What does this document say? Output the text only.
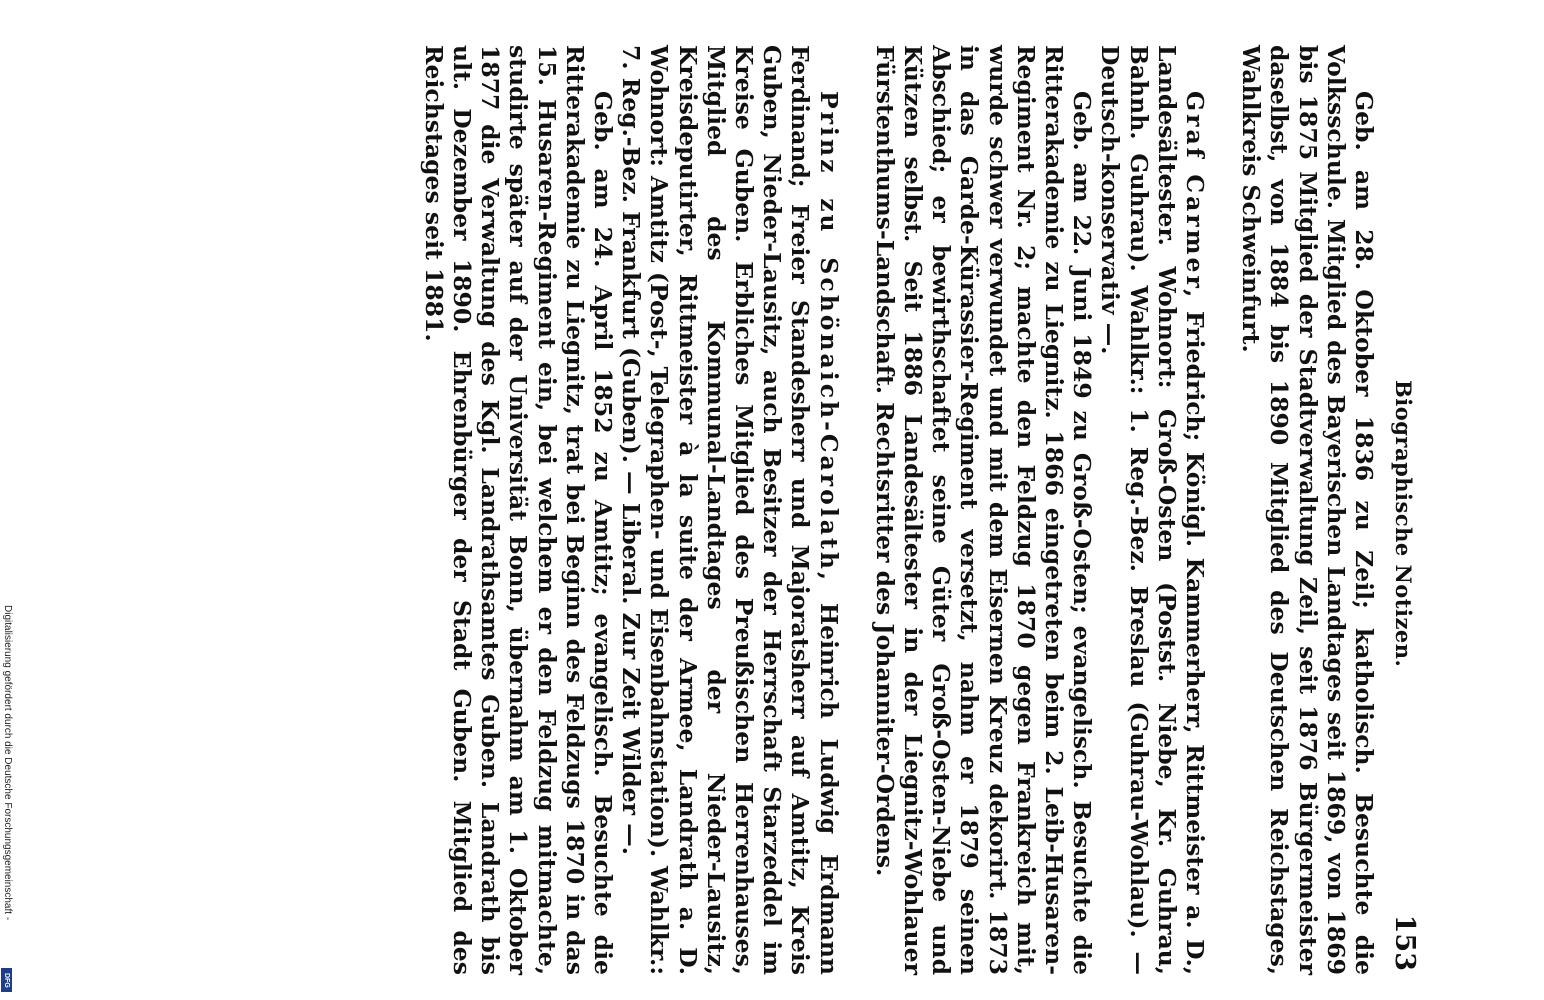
Biographische Notizen.
153

Geb. am 28. Oktober 1836 zu Zeil; katholisch. Besuchte die Volksschule. Mitglied des Bayerischen Landtages seit 1869, von 1869 bis 1875 Mitglied der Stadtverwaltung Zeil, seit 1876 Bürgermeister daselbst, von 1884 bis 1890 Mitglied des Deutschen Reichstages, Wahlkreis Schweinfurt.

Graf Carmer, Friedrich; Königl. Kammerherr, Rittmeister a. D., Landesältester. Wohnort: Groß-Osten (Postst. Niebe, Kr. Guhrau, Bahnh. Guhrau). Wahlkr.: 1. Reg.-Bez. Breslau (Guhrau-Wohlau). — Deutsch-konservativ —.

Geb. am 22. Juni 1849 zu Groß-Osten; evangelisch. Besuchte die Ritterakademie zu Liegnitz. 1866 eingetreten beim 2. Leib-Husaren-Regiment Nr. 2; machte den Feldzug 1870 gegen Frankreich mit, wurde schwer verwundet und mit dem Eisernen Kreuz dekorirt. 1873 in das Garde-Kürassier-Regiment versetzt, nahm er 1879 seinen Abschied; er bewirthschaftet seine Güter Groß-Osten-Niebe und Kützen selbst. Seit 1886 Landesältester in der Liegnitz-Wohlauer Fürstenthums-Landschaft. Rechtsritter des Johanniter-Ordens.

Prinz zu Schönaich-Carolath, Heinrich Ludwig Erdmann Ferdinand; Freier Standesherr und Majoratsherr auf Amtitz, Kreis Guben, Nieder-Lausitz, auch Besitzer der Herrschaft Starzeddel im Kreise Guben. Erbliches Mitglied des Preußischen Herrenhauses, Mitglied des Kommunal-Landtages der Nieder-Lausitz, Kreisdeputirter, Rittmeister à la suite der Armee, Landrath a. D. Wohnort: Amtitz (Post-, Telegraphen- und Eisenbahnstation). Wahlkr.: 7. Reg.-Bez. Frankfurt (Guben). — Liberal. Zur Zeit Wilder —.

Geb. am 24. April 1852 zu Amtitz; evangelisch. Besuchte die Ritterakademie zu Liegnitz, trat bei Beginn des Feldzugs 1870 in das 15. Husaren-Regiment ein, bei welchem er den Feldzug mitmachte, studirte später auf der Universität Bonn, übernahm am 1. Oktober 1877 die Verwaltung des Kgl. Landrathsamtes Guben. Landrath bis ult. Dezember 1890. Ehrenbürger der Stadt Guben. Mitglied des Reichstages seit 1881.

Digitalisierung gefördert durch die Deutsche Forschungsgemeinschaft -
DFG
